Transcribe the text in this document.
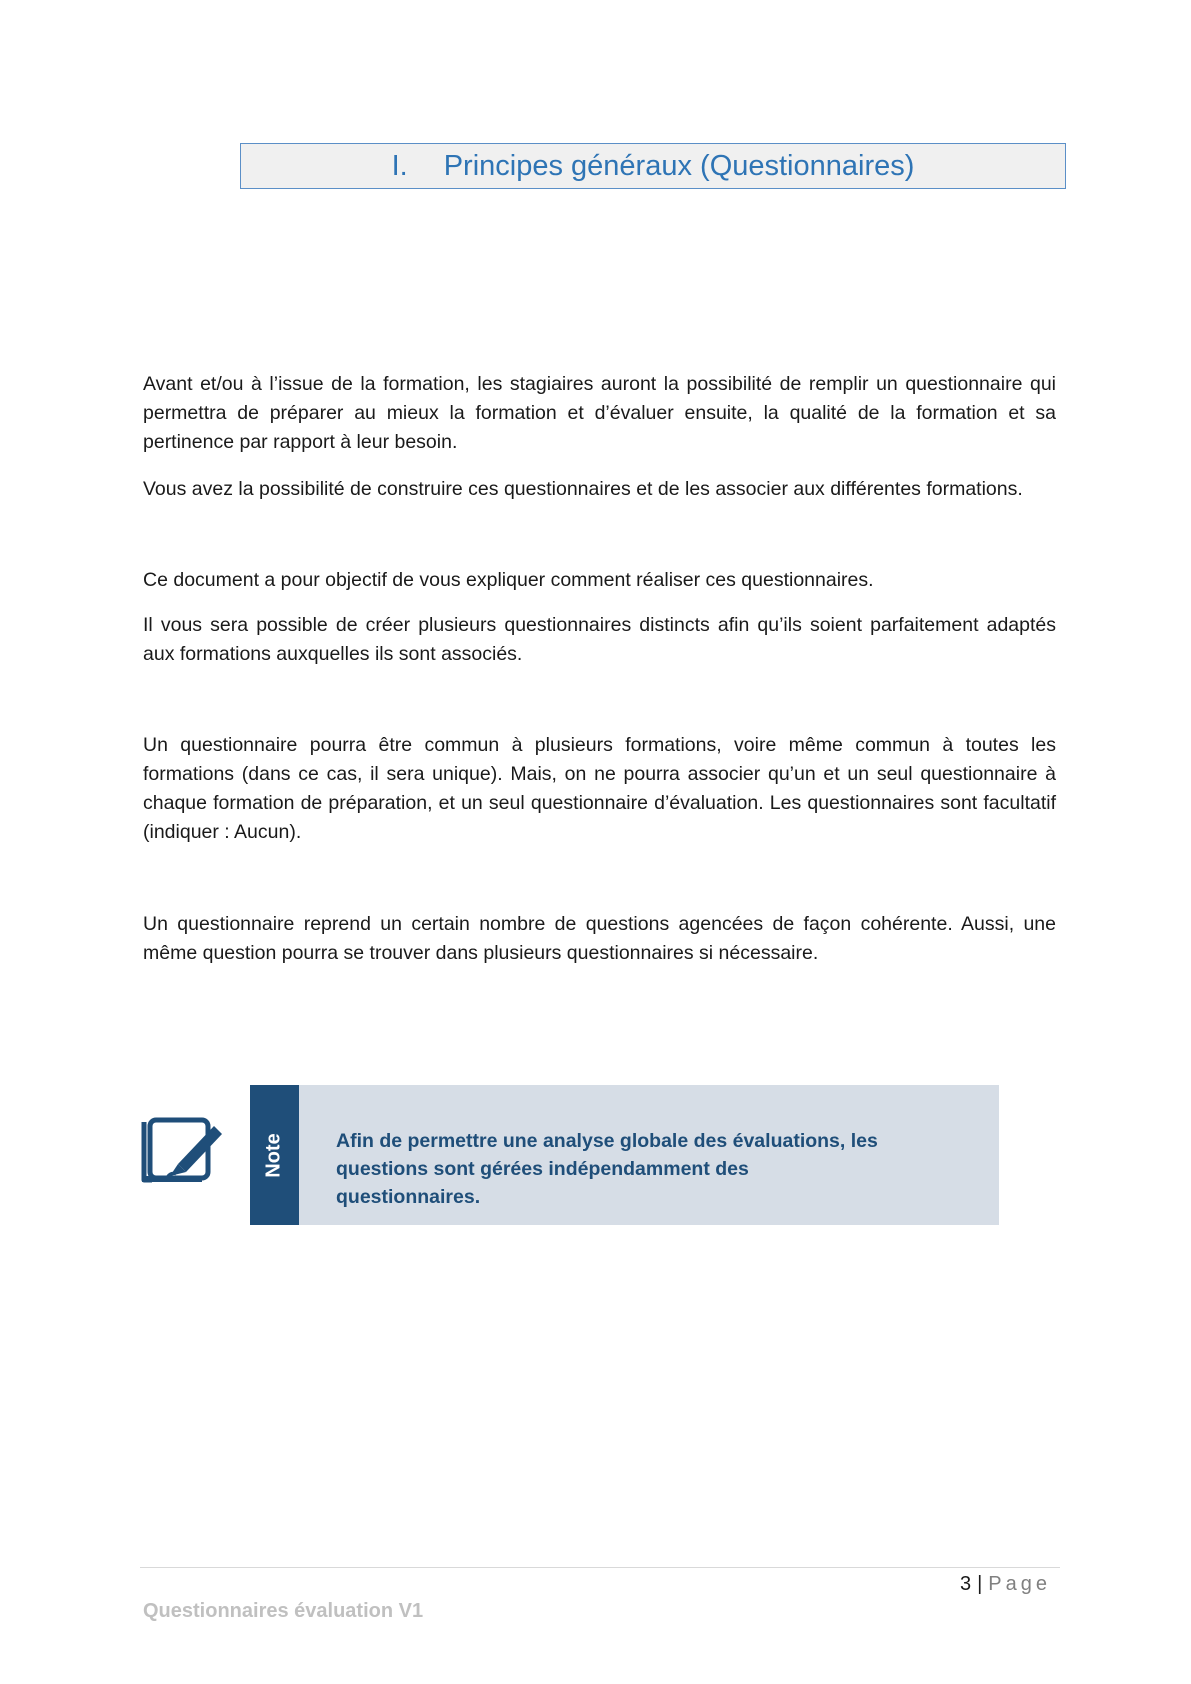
I. Principes généraux (Questionnaires)

Avant et/ou à l’issue de la formation, les stagiaires auront la possibilité de remplir un questionnaire qui permettra de préparer au mieux la formation et d’évaluer ensuite, la qualité de la formation et sa pertinence par rapport à leur besoin.

Vous avez la possibilité de construire ces questionnaires et de les associer aux différentes formations.

Ce document a pour objectif de vous expliquer comment réaliser ces questionnaires.

Il vous sera possible de créer plusieurs questionnaires distincts afin qu’ils soient parfaitement adaptés aux formations auxquelles ils sont associés.

Un questionnaire pourra être commun à plusieurs formations, voire même commun à toutes les formations (dans ce cas, il sera unique). Mais, on ne pourra associer qu’un et un seul questionnaire à chaque formation de préparation, et un seul questionnaire d’évaluation. Les questionnaires sont facultatif (indiquer : Aucun).

Un questionnaire reprend un certain nombre de questions agencées de façon cohérente. Aussi, une même question pourra se trouver dans plusieurs questionnaires si nécessaire.

Note	Afin de permettre une analyse globale des évaluations, les questions sont gérées indépendamment des questionnaires.

3 | Page
Questionnaires évaluation V1
